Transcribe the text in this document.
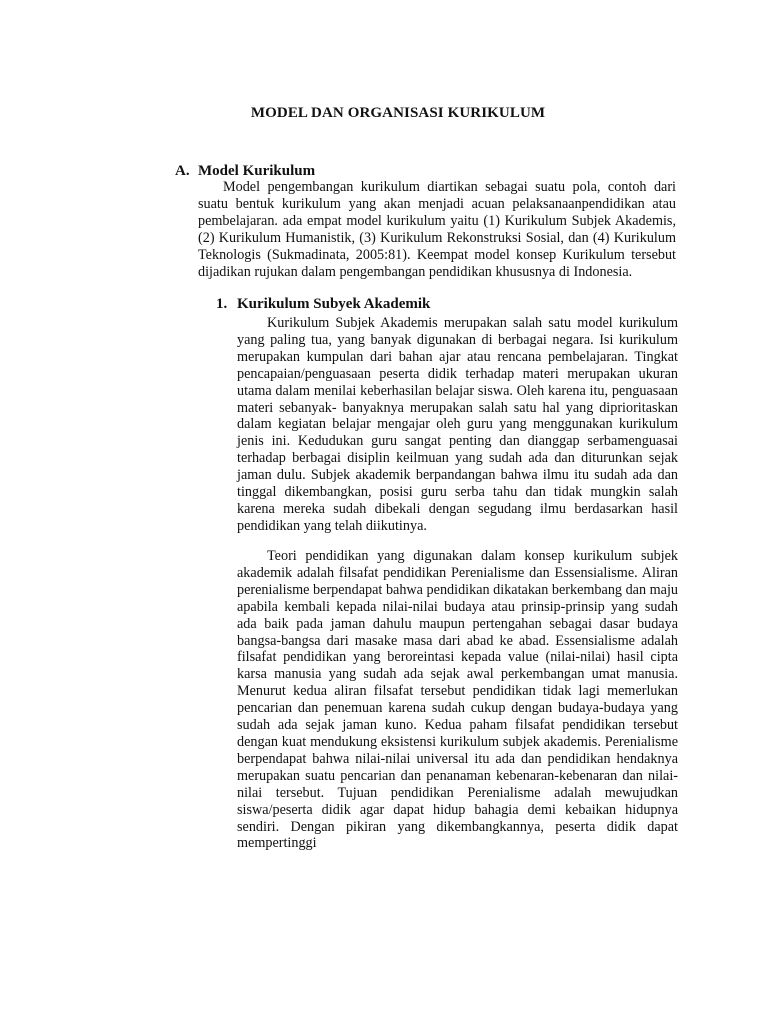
MODEL DAN ORGANISASI KURIKULUM
A. Model Kurikulum

Model pengembangan kurikulum diartikan sebagai suatu pola, contoh dari suatu bentuk kurikulum yang akan menjadi acuan pelaksanaanpendidikan atau pembelajaran. ada empat model kurikulum yaitu (1) Kurikulum Subjek Akademis, (2) Kurikulum Humanistik, (3) Kurikulum Rekonstruksi Sosial, dan (4) Kurikulum Teknologis (Sukmadinata, 2005:81). Keempat model konsep Kurikulum tersebut dijadikan rujukan dalam pengembangan pendidikan khususnya di Indonesia.

1. Kurikulum Subyek Akademik

Kurikulum Subjek Akademis merupakan salah satu model kurikulum yang paling tua, yang banyak digunakan di berbagai negara. Isi kurikulum merupakan kumpulan dari bahan ajar atau rencana pembelajaran. Tingkat pencapaian/penguasaan peserta didik terhadap materi merupakan ukuran utama dalam menilai keberhasilan belajar siswa. Oleh karena itu, penguasaan materi sebanyak- banyaknya merupakan salah satu hal yang diprioritaskan dalam kegiatan belajar mengajar oleh guru yang menggunakan kurikulum jenis ini. Kedudukan guru sangat penting dan dianggap serbamenguasai terhadap berbagai disiplin keilmuan yang sudah ada dan diturunkan sejak jaman dulu. Subjek akademik berpandangan bahwa ilmu itu sudah ada dan tinggal dikembangkan, posisi guru serba tahu dan tidak mungkin salah karena mereka sudah dibekali dengan segudang ilmu berdasarkan hasil pendidikan yang telah diikutinya.

Teori pendidikan yang digunakan dalam konsep kurikulum subjek akademik adalah filsafat pendidikan Perenialisme dan Essensialisme. Aliran perenialisme berpendapat bahwa pendidikan dikatakan berkembang dan maju apabila kembali kepada nilai-nilai budaya atau prinsip-prinsip yang sudah ada baik pada jaman dahulu maupun pertengahan sebagai dasar budaya bangsa-bangsa dari masake masa dari abad ke abad. Essensialisme adalah filsafat pendidikan yang beroreintasi kepada value (nilai-nilai) hasil cipta karsa manusia yang sudah ada sejak awal perkembangan umat manusia. Menurut kedua aliran filsafat tersebut pendidikan tidak lagi memerlukan pencarian dan penemuan karena sudah cukup dengan budaya-budaya yang sudah ada sejak jaman kuno. Kedua paham filsafat pendidikan tersebut dengan kuat mendukung eksistensi kurikulum subjek akademis. Perenialisme berpendapat bahwa nilai-nilai universal itu ada dan pendidikan hendaknya merupakan suatu pencarian dan penanaman kebenaran-kebenaran dan nilai-nilai tersebut. Tujuan pendidikan Perenialisme adalah mewujudkan siswa/peserta didik agar dapat hidup bahagia demi kebaikan hidupnya sendiri. Dengan pikiran yang dikembangkannya, peserta didik dapat mempertinggi
